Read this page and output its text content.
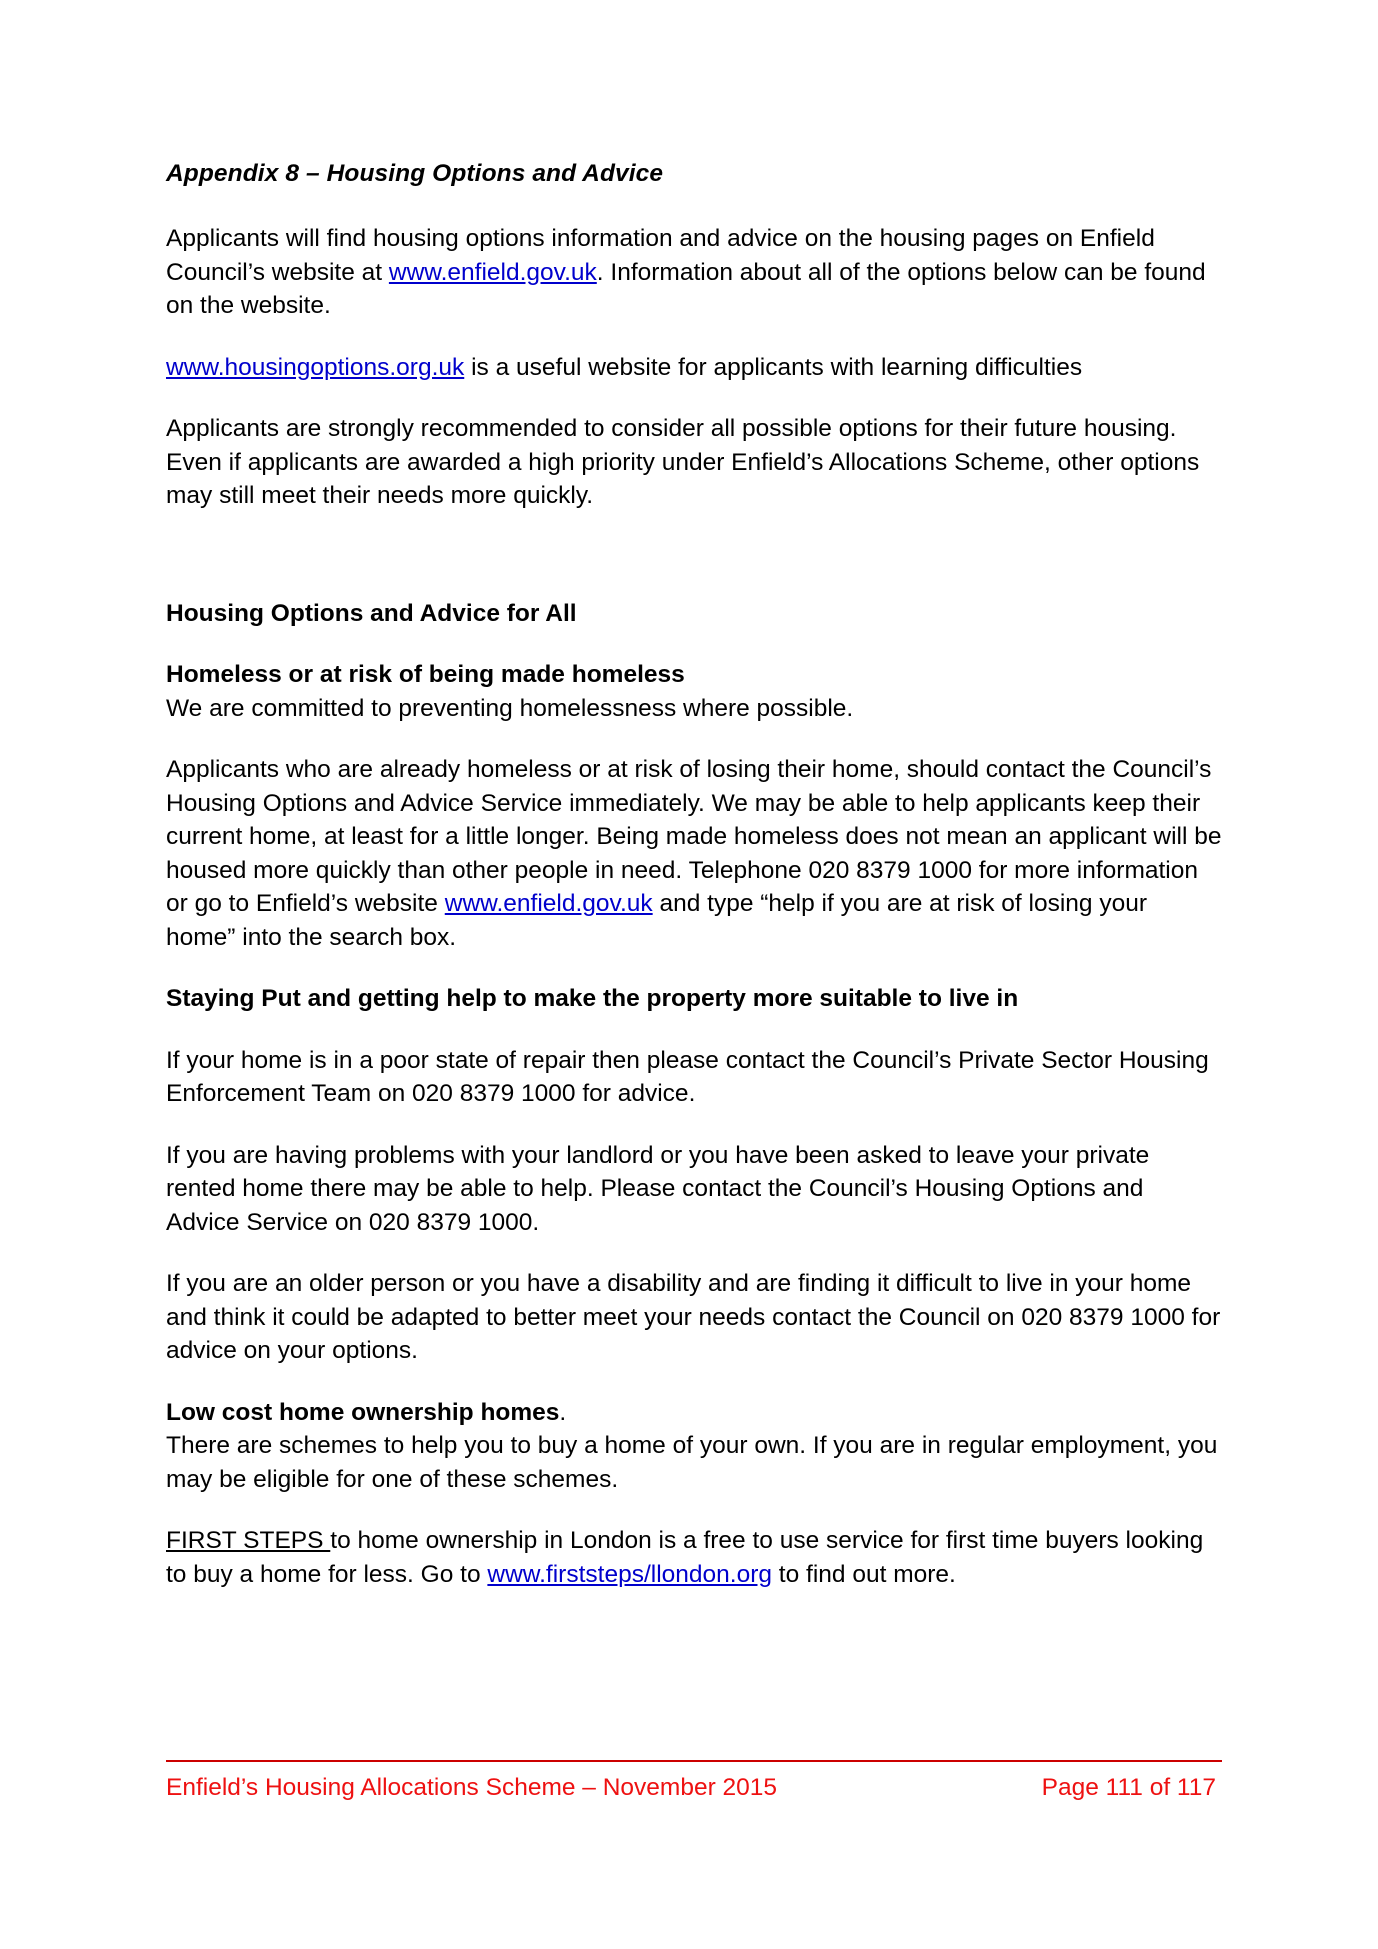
Appendix 8 – Housing Options and Advice

Applicants will find housing options information and advice on the housing pages on Enfield Council’s website at www.enfield.gov.uk. Information about all of the options below can be found on the website.

www.housingoptions.org.uk is a useful website for applicants with learning difficulties

Applicants are strongly recommended to consider all possible options for their future housing. Even if applicants are awarded a high priority under Enfield’s Allocations Scheme, other options may still meet their needs more quickly.

Housing Options and Advice for All
Homeless or at risk of being made homeless

We are committed to preventing homelessness where possible.

Applicants who are already homeless or at risk of losing their home, should contact the Council’s Housing Options and Advice Service immediately. We may be able to help applicants keep their current home, at least for a little longer. Being made homeless does not mean an applicant will be housed more quickly than other people in need. Telephone 020 8379 1000 for more information or go to Enfield’s website www.enfield.gov.uk and type “help if you are at risk of losing your home” into the search box.

Staying Put and getting help to make the property more suitable to live in

If your home is in a poor state of repair then please contact the Council’s Private Sector Housing Enforcement Team on 020 8379 1000 for advice.

If you are having problems with your landlord or you have been asked to leave your private rented home there may be able to help. Please contact the Council’s Housing Options and Advice Service on 020 8379 1000.

If you are an older person or you have a disability and are finding it difficult to live in your home and think it could be adapted to better meet your needs contact the Council on 020 8379 1000 for advice on your options.

Low cost home ownership homes.

There are schemes to help you to buy a home of your own. If you are in regular employment, you may be eligible for one of these schemes.

FIRST STEPS to home ownership in London is a free to use service for first time buyers looking to buy a home for less. Go to www.firststeps/llondon.org to find out more.

Enfield’s Housing Allocations Scheme – November 2015	Page 111 of 117
